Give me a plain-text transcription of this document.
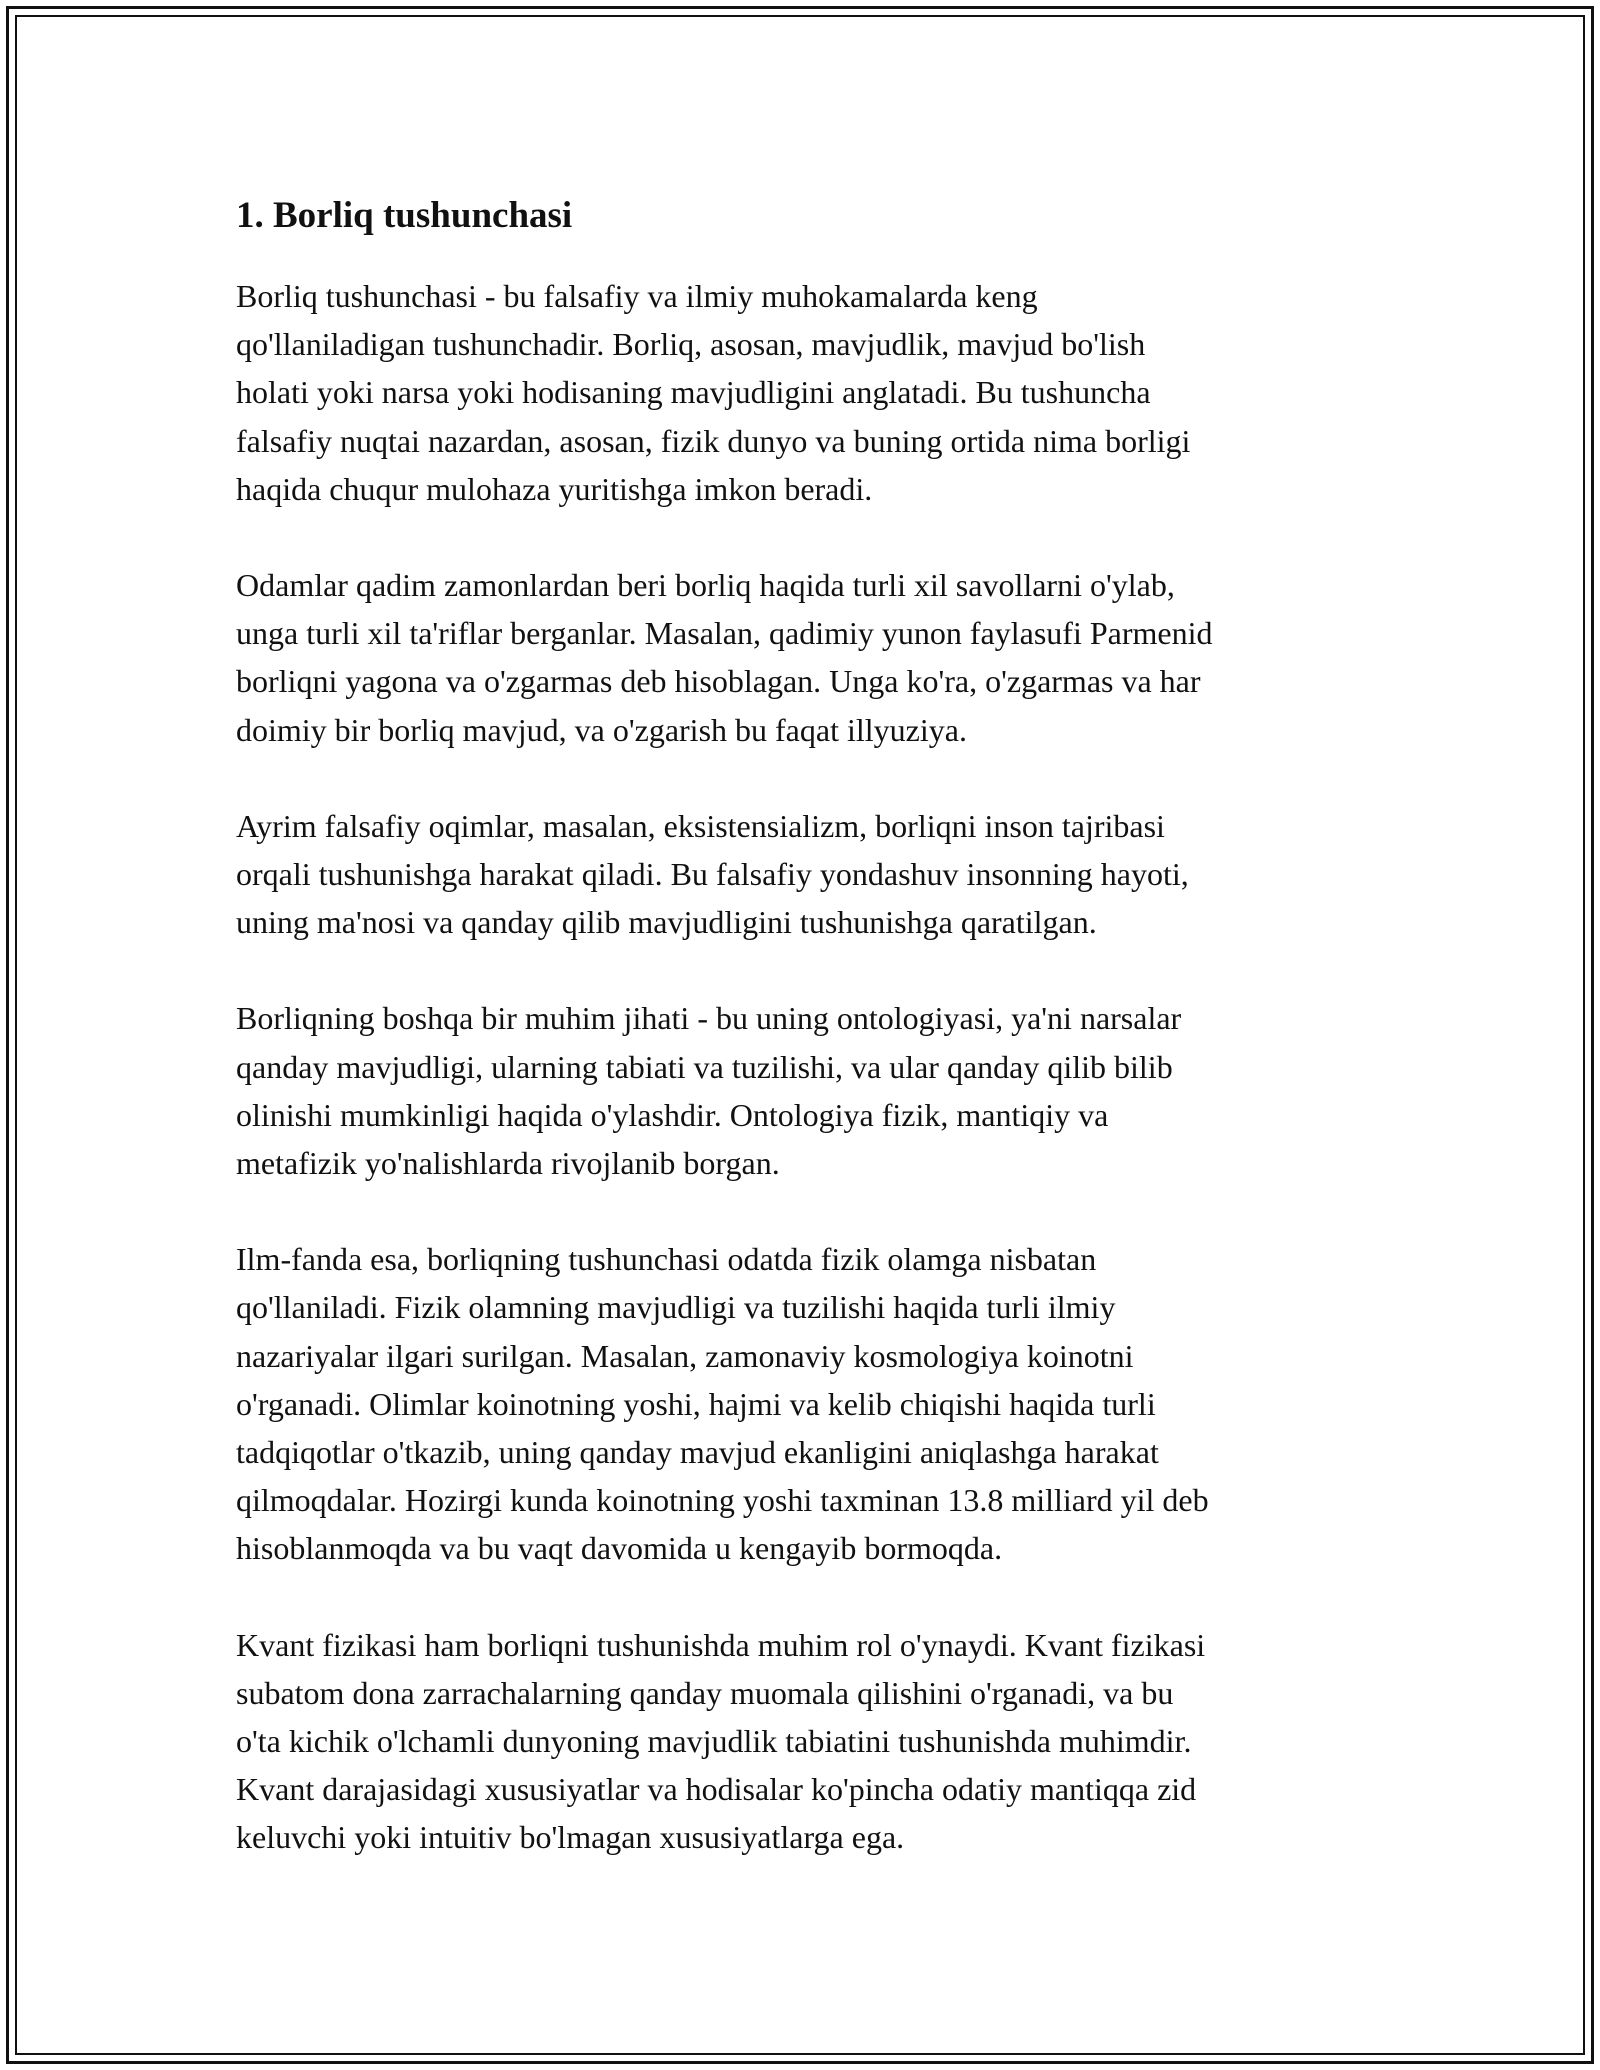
1. Borliq tushunchasi

Borliq tushunchasi - bu falsafiy va ilmiy muhokamalarda keng
qo'llaniladigan tushunchadir. Borliq, asosan, mavjudlik, mavjud bo'lish
holati yoki narsa yoki hodisaning mavjudligini anglatadi. Bu tushuncha
falsafiy nuqtai nazardan, asosan, fizik dunyo va buning ortida nima borligi
haqida chuqur mulohaza yuritishga imkon beradi.

Odamlar qadim zamonlardan beri borliq haqida turli xil savollarni o'ylab,
unga turli xil ta'riflar berganlar. Masalan, qadimiy yunon faylasufi Parmenid
borliqni yagona va o'zgarmas deb hisoblagan. Unga ko'ra, o'zgarmas va har
doimiy bir borliq mavjud, va o'zgarish bu faqat illyuziya.

Ayrim falsafiy oqimlar, masalan, eksistensializm, borliqni inson tajribasi
orqali tushunishga harakat qiladi. Bu falsafiy yondashuv insonning hayoti,
uning ma'nosi va qanday qilib mavjudligini tushunishga qaratilgan.

Borliqning boshqa bir muhim jihati - bu uning ontologiyasi, ya'ni narsalar
qanday mavjudligi, ularning tabiati va tuzilishi, va ular qanday qilib bilib
olinishi mumkinligi haqida o'ylashdir. Ontologiya fizik, mantiqiy va
metafizik yo'nalishlarda rivojlanib borgan.

Ilm-fanda esa, borliqning tushunchasi odatda fizik olamga nisbatan
qo'llaniladi. Fizik olamning mavjudligi va tuzilishi haqida turli ilmiy
nazariyalar ilgari surilgan. Masalan, zamonaviy kosmologiya koinotni
o'rganadi. Olimlar koinotning yoshi, hajmi va kelib chiqishi haqida turli
tadqiqotlar o'tkazib, uning qanday mavjud ekanligini aniqlashga harakat
qilmoqdalar. Hozirgi kunda koinotning yoshi taxminan 13.8 milliard yil deb
hisoblanmoqda va bu vaqt davomida u kengayib bormoqda.

Kvant fizikasi ham borliqni tushunishda muhim rol o'ynaydi. Kvant fizikasi
subatom dona zarrachalarning qanday muomala qilishini o'rganadi, va bu
o'ta kichik o'lchamli dunyoning mavjudlik tabiatini tushunishda muhimdir.
Kvant darajasidagi xususiyatlar va hodisalar ko'pincha odatiy mantiqqa zid
keluvchi yoki intuitiv bo'lmagan xususiyatlarga ega.
